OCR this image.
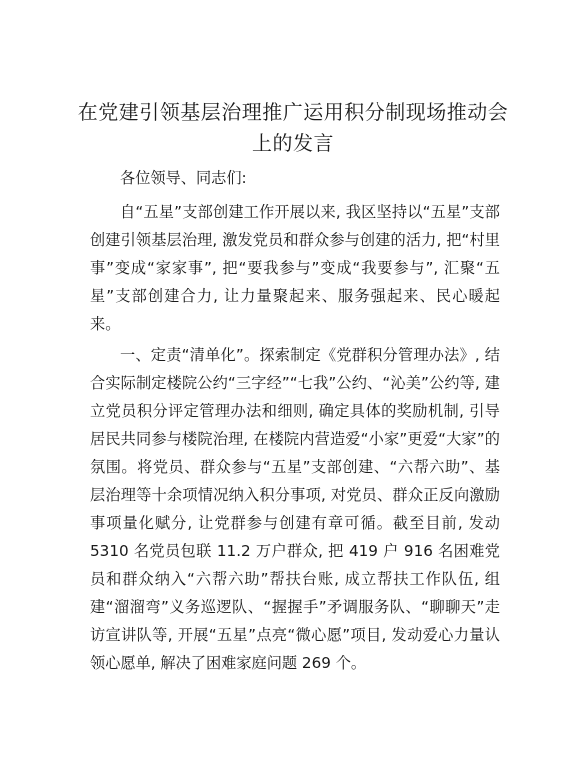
在党建引领基层治理推广运用积分制现场推动会上的发言

各位领导、同志们:

自“五星”支部创建工作开展以来, 我区坚持以“五星”支部创建引领基层治理, 激发党员和群众参与创建的活力, 把“村里事”变成“家家事”, 把“要我参与”变成“我要参与”, 汇聚“五星”支部创建合力, 让力量聚起来、服务强起来、民心暖起来。

一、定责“清单化”。探索制定《党群积分管理办法》, 结合实际制定楼院公约“三字经”“七我”公约、“沁美”公约等, 建立党员积分评定管理办法和细则, 确定具体的奖励机制, 引导居民共同参与楼院治理, 在楼院内营造爱“小家”更爱“大家”的氛围。将党员、群众参与“五星”支部创建、“六帮六助”、基层治理等十余项情况纳入积分事项, 对党员、群众正反向激励事项量化赋分, 让党群参与创建有章可循。截至目前, 发动5310 名党员包联 11.2 万户群众, 把 419 户 916 名困难党员和群众纳入“六帮六助”帮扶台账, 成立帮扶工作队伍, 组建“溜溜弯”义务巡逻队、“握握手”矛调服务队、“聊聊天”走访宣讲队等, 开展“五星”点亮“微心愿”项目, 发动爱心力量认领心愿单, 解决了困难家庭问题 269 个。
